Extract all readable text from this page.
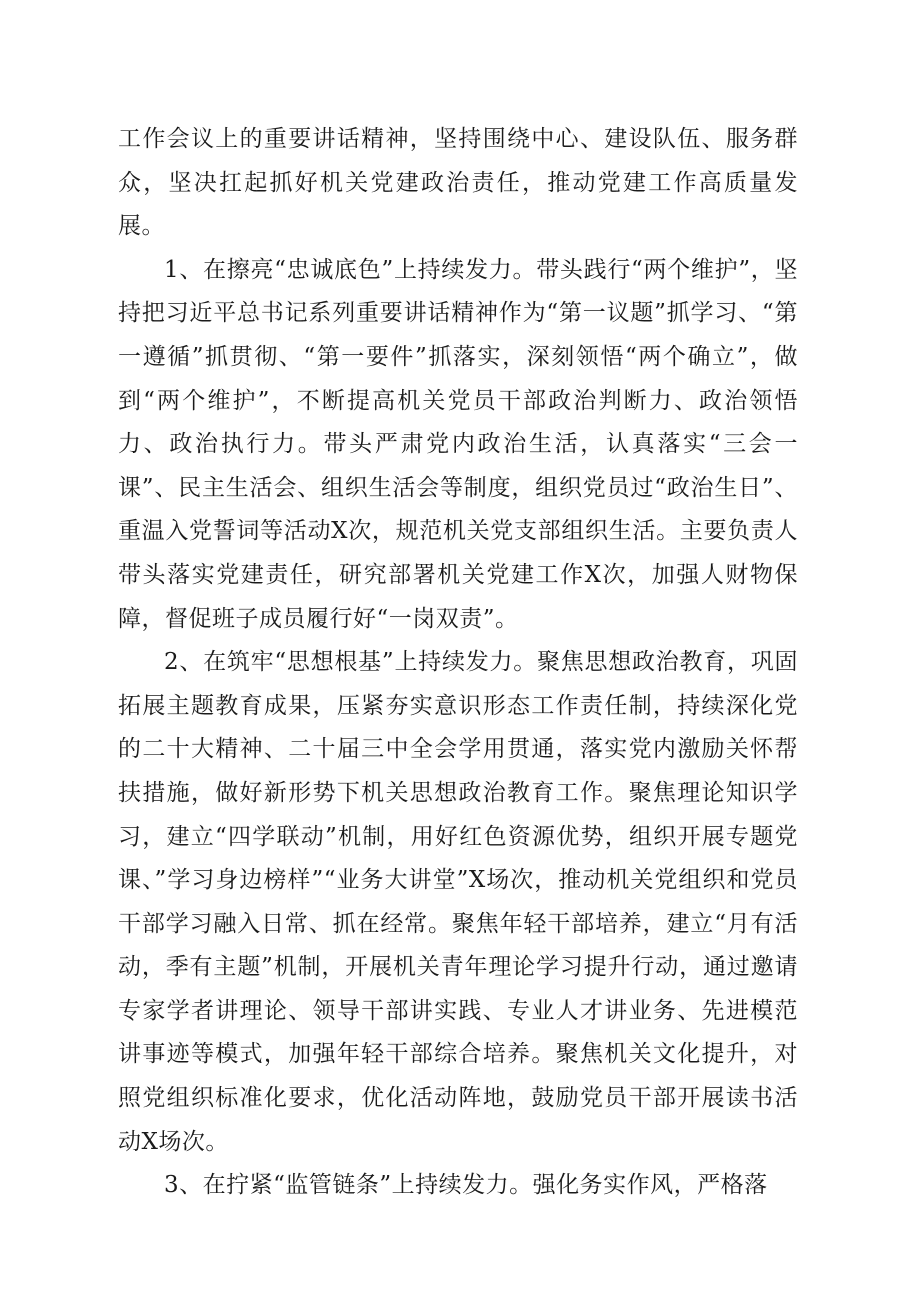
工作会议上的重要讲话精神，坚持围绕中心、建设队伍、服务群众，坚决扛起抓好机关党建政治责任，推动党建工作高质量发展。

1、在擦亮“忠诚底色”上持续发力。带头践行“两个维护”，坚持把习近平总书记系列重要讲话精神作为“第一议题”抓学习、“第一遵循”抓贯彻、“第一要件”抓落实，深刻领悟“两个确立”，做到“两个维护”，不断提高机关党员干部政治判断力、政治领悟力、政治执行力。带头严肃党内政治生活，认真落实“三会一课”、民主生活会、组织生活会等制度，组织党员过“政治生日”、重温入党誓词等活动X次，规范机关党支部组织生活。主要负责人带头落实党建责任，研究部署机关党建工作X次，加强人财物保障，督促班子成员履行好“一岗双责”。

2、在筑牢“思想根基”上持续发力。聚焦思想政治教育，巩固拓展主题教育成果，压紧夯实意识形态工作责任制，持续深化党的二十大精神、二十届三中全会学用贯通，落实党内激励关怀帮扶措施，做好新形势下机关思想政治教育工作。聚焦理论知识学习，建立“四学联动”机制，用好红色资源优势，组织开展专题党课、”学习身边榜样”“业务大讲堂”X场次，推动机关党组织和党员干部学习融入日常、抓在经常。聚焦年轻干部培养，建立“月有活动，季有主题”机制，开展机关青年理论学习提升行动，通过邀请专家学者讲理论、领导干部讲实践、专业人才讲业务、先进模范讲事迹等模式，加强年轻干部综合培养。聚焦机关文化提升，对照党组织标准化要求，优化活动阵地，鼓励党员干部开展读书活动X场次。

3、在拧紧“监管链条”上持续发力。强化务实作风，严格落
